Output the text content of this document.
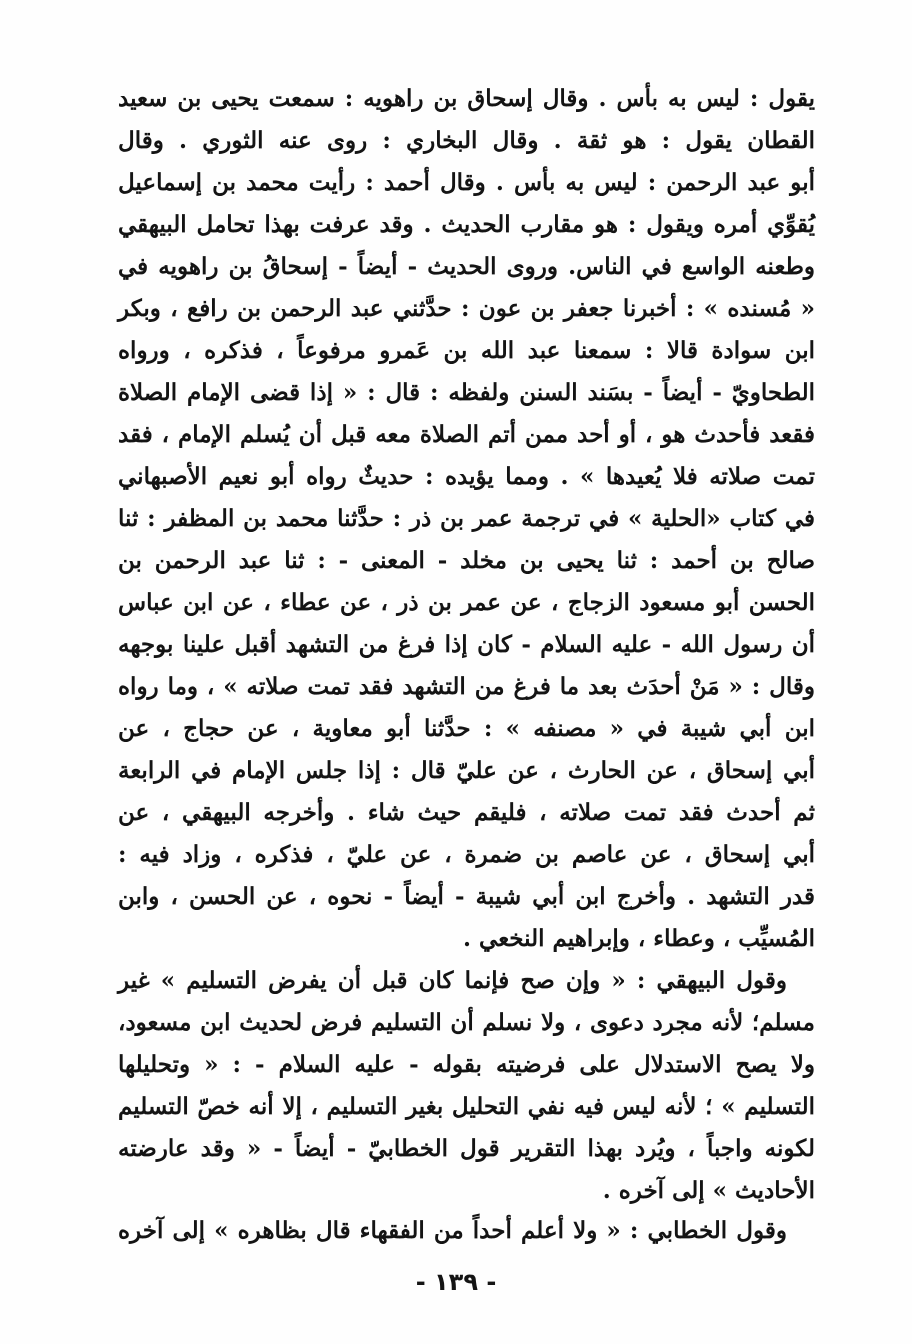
يقول : ليس به بأس . وقال إسحاق بن راهويه : سمعت يحيى بن سعيد
القطان يقول : هو ثقة . وقال البخاري : روى عنه الثوري . وقال
أبو عبد الرحمن : ليس به بأس . وقال أحمد : رأيت محمد بن إسماعيل
يُقوِّي أمره ويقول : هو مقارب الحديث . وقد عرفت بهذا تحامل البيهقي
وطعنه الواسع في الناس. وروى الحديث - أيضاً - إسحاقُ بن راهويه في
« مُسنده » : أخبرنا جعفر بن عون : حدَّثني عبد الرحمن بن رافع ، وبكر
ابن سوادة قالا : سمعنا عبد الله بن عَمرو مرفوعاً ، فذكره ، ورواه
الطحاويّ - أيضاً - بسَند السنن ولفظه : قال : « إذا قضى الإمام الصلاة
فقعد فأحدث هو ، أو أحد ممن أتم الصلاة معه قبل أن يُسلم الإمام ، فقد
تمت صلاته فلا يُعيدها » . ومما يؤيده : حديثٌ رواه أبو نعيم الأصبهاني
في كتاب «الحلية » في ترجمة عمر بن ذر : حدَّثنا محمد بن المظفر : ثنا
صالح بن أحمد : ثنا يحيى بن مخلد - المعنى - : ثنا عبد الرحمن بن
الحسن أبو مسعود الزجاج ، عن عمر بن ذر ، عن عطاء ، عن ابن عباس
أن رسول الله - عليه السلام - كان إذا فرغ من التشهد أقبل علينا بوجهه
وقال : « مَنْ أحدَث بعد ما فرغ من التشهد فقد تمت صلاته » ، وما رواه
ابن أبي شيبة في « مصنفه » : حدَّثنا أبو معاوية ، عن حجاج ، عن
أبي إسحاق ، عن الحارث ، عن عليّ قال : إذا جلس الإمام في الرابعة
ثم أحدث فقد تمت صلاته ، فليقم حيث شاء . وأخرجه البيهقي ، عن
أبي إسحاق ، عن عاصم بن ضمرة ، عن عليّ ، فذكره ، وزاد فيه :
قدر التشهد . وأخرج ابن أبي شيبة - أيضاً - نحوه ، عن الحسن ، وابن
المُسيِّب ، وعطاء ، وإبراهيم النخعي .
وقول البيهقي : « وإن صح فإنما كان قبل أن يفرض التسليم » غير
مسلم؛ لأنه مجرد دعوى ، ولا نسلم أن التسليم فرض لحديث ابن مسعود،
ولا يصح الاستدلال على فرضيته بقوله - عليه السلام - : « وتحليلها
التسليم » ؛ لأنه ليس فيه نفي التحليل بغير التسليم ، إلا أنه خصّ التسليم
لكونه واجباً ، ويُرد بهذا التقرير قول الخطابيّ - أيضاً - « وقد عارضته
الأحاديث » إلى آخره .
وقول الخطابي : « ولا أعلم أحداً من الفقهاء قال بظاهره » إلى آخره
- ١٣٩ -
